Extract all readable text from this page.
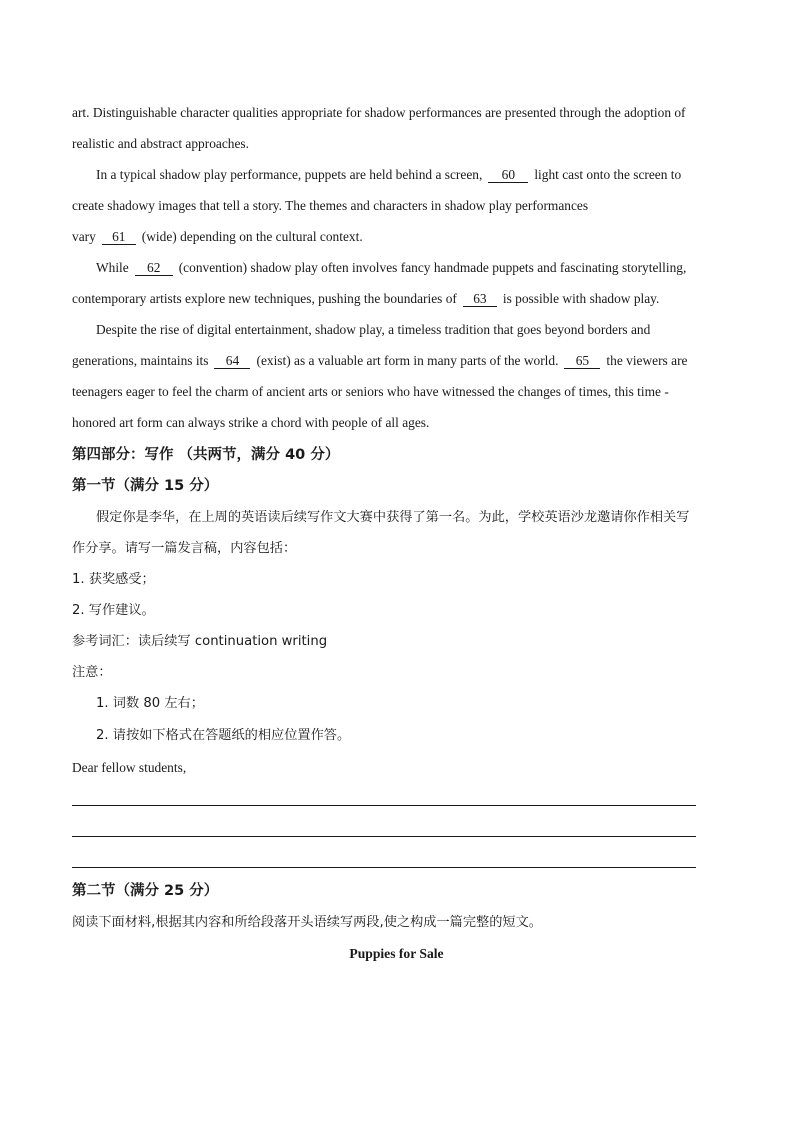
art. Distinguishable character qualities appropriate for shadow performances are presented through the adoption of
realistic and abstract approaches.
In a typical shadow play performance, puppets are held behind a screen, 60 light cast onto the screen to
create shadowy images that tell a story. The themes and characters in shadow play performances
vary 61 (wide) depending on the cultural context.
While 62 (convention) shadow play often involves fancy handmade puppets and fascinating storytelling,
contemporary artists explore new techniques, pushing the boundaries of 63 is possible with shadow play.
Despite the rise of digital entertainment, shadow play, a timeless tradition that goes beyond borders and
generations, maintains its 64 (exist) as a valuable art form in many parts of the world. 65 the viewers are
teenagers eager to feel the charm of ancient arts or seniors who have witnessed the changes of times, this time -
honored art form can always strike a chord with people of all ages.
第四部分：写作 （共两节，满分 40 分）
第一节（满分 15 分）
假定你是李华，在上周的英语读后续写作文大赛中获得了第一名。为此，学校英语沙龙邀请你作相关写
作分享。请写一篇发言稿，内容包括：
1. 获奖感受；
2. 写作建议。
参考词汇：读后续写 continuation writing
注意：
1. 词数 80 左右；
2. 请按如下格式在答题纸的相应位置作答。
Dear fellow students,
第二节（满分 25 分）
阅读下面材料,根据其内容和所给段落开头语续写两段,使之构成一篇完整的短文。
Puppies for Sale
